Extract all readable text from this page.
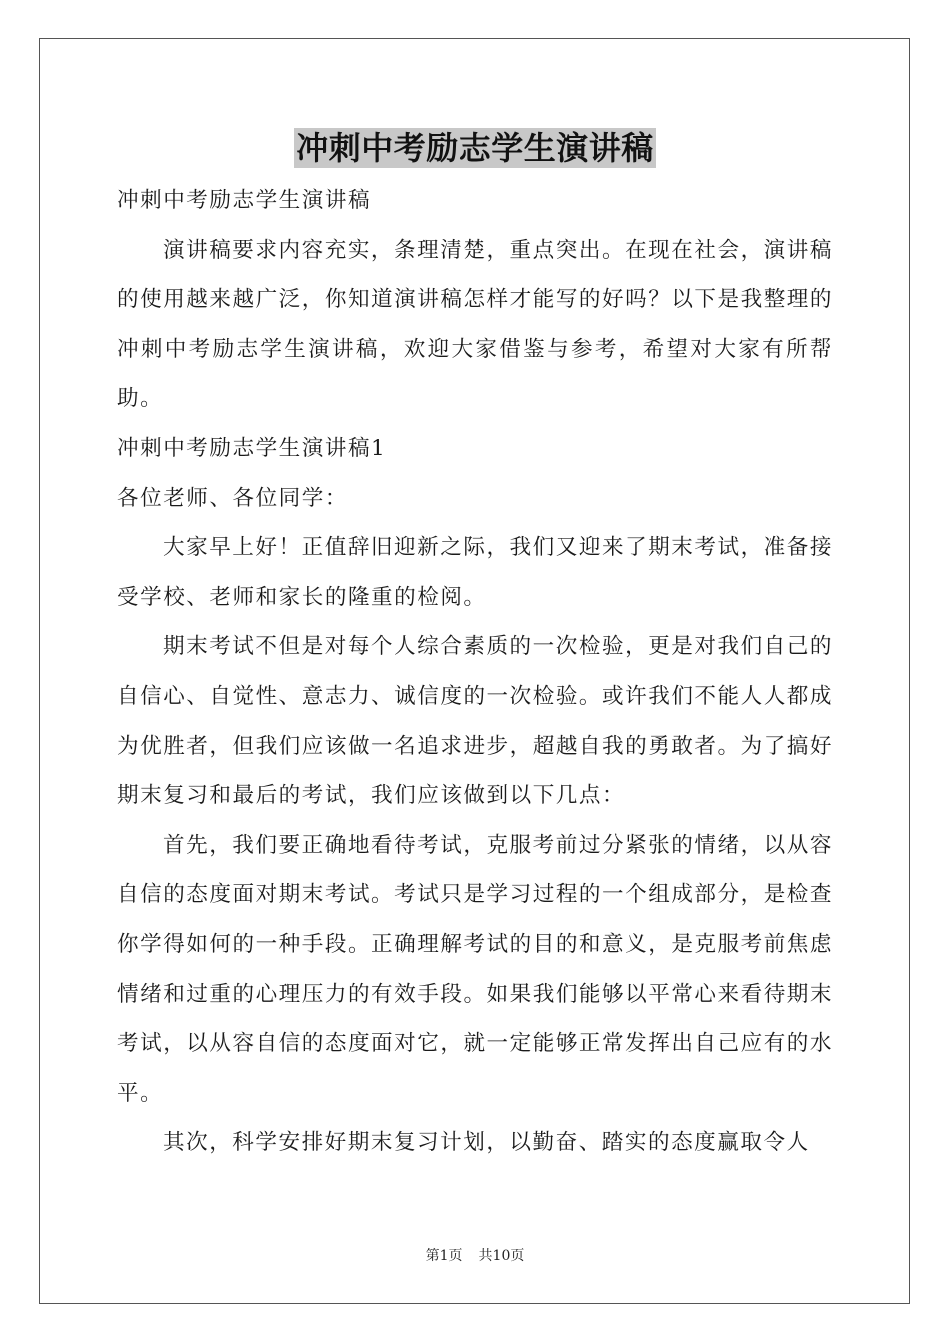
冲刺中考励志学生演讲稿

冲刺中考励志学生演讲稿

演讲稿要求内容充实，条理清楚，重点突出。在现在社会，演讲稿的使用越来越广泛，你知道演讲稿怎样才能写的好吗？以下是我整理的冲刺中考励志学生演讲稿，欢迎大家借鉴与参考，希望对大家有所帮助。

冲刺中考励志学生演讲稿1

各位老师、各位同学：

大家早上好！正值辞旧迎新之际，我们又迎来了期末考试，准备接受学校、老师和家长的隆重的检阅。

期末考试不但是对每个人综合素质的一次检验，更是对我们自己的自信心、自觉性、意志力、诚信度的一次检验。或许我们不能人人都成为优胜者，但我们应该做一名追求进步，超越自我的勇敢者。为了搞好期末复习和最后的考试，我们应该做到以下几点：

首先，我们要正确地看待考试，克服考前过分紧张的情绪，以从容自信的态度面对期末考试。考试只是学习过程的一个组成部分，是检查你学得如何的一种手段。正确理解考试的目的和意义，是克服考前焦虑情绪和过重的心理压力的有效手段。如果我们能够以平常心来看待期末考试，以从容自信的态度面对它，就一定能够正常发挥出自己应有的水平。

其次，科学安排好期末复习计划，以勤奋、踏实的态度赢取令人

第1页 共10页
